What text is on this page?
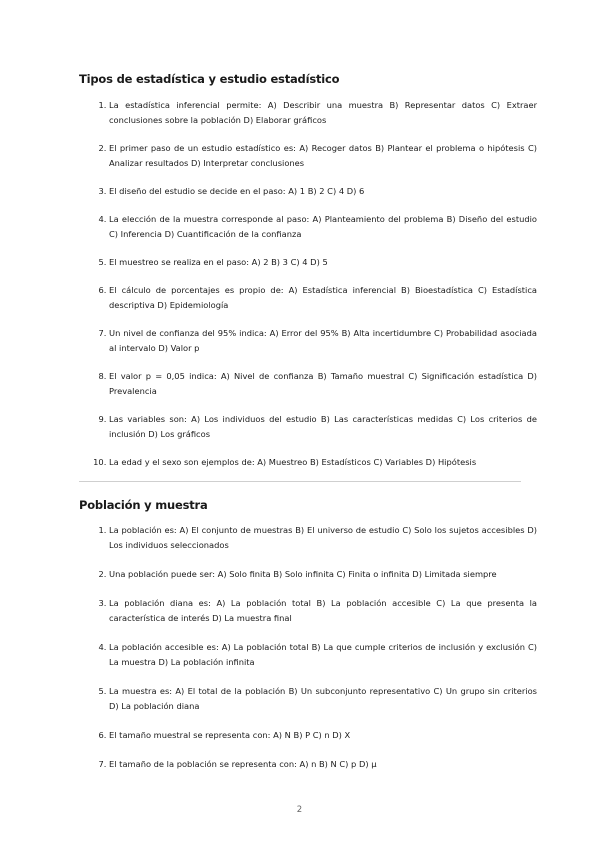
Tipos de estadística y estudio estadístico
1. La estadística inferencial permite: A) Describir una muestra B) Representar datos C) Extraer conclusiones sobre la población D) Elaborar gráficos
2. El primer paso de un estudio estadístico es: A) Recoger datos B) Plantear el problema o hipótesis C) Analizar resultados D) Interpretar conclusiones
3. El diseño del estudio se decide en el paso: A) 1 B) 2 C) 4 D) 6
4. La elección de la muestra corresponde al paso: A) Planteamiento del problema B) Diseño del estudio C) Inferencia D) Cuantificación de la confianza
5. El muestreo se realiza en el paso: A) 2 B) 3 C) 4 D) 5
6. El cálculo de porcentajes es propio de: A) Estadística inferencial B) Bioestadística C) Estadística descriptiva D) Epidemiología
7. Un nivel de confianza del 95% indica: A) Error del 95% B) Alta incertidumbre C) Probabilidad asociada al intervalo D) Valor p
8. El valor p = 0,05 indica: A) Nivel de confianza B) Tamaño muestral C) Significación estadística D) Prevalencia
9. Las variables son: A) Los individuos del estudio B) Las características medidas C) Los criterios de inclusión D) Los gráficos
10. La edad y el sexo son ejemplos de: A) Muestreo B) Estadísticos C) Variables D) Hipótesis
Población y muestra
1. La población es: A) El conjunto de muestras B) El universo de estudio C) Solo los sujetos accesibles D) Los individuos seleccionados
2. Una población puede ser: A) Solo finita B) Solo infinita C) Finita o infinita D) Limitada siempre
3. La población diana es: A) La población total B) La población accesible C) La que presenta la característica de interés D) La muestra final
4. La población accesible es: A) La población total B) La que cumple criterios de inclusión y exclusión C) La muestra D) La población infinita
5. La muestra es: A) El total de la población B) Un subconjunto representativo C) Un grupo sin criterios D) La población diana
6. El tamaño muestral se representa con: A) N B) P C) n D) X
7. El tamaño de la población se representa con: A) n B) N C) p D) μ
2
